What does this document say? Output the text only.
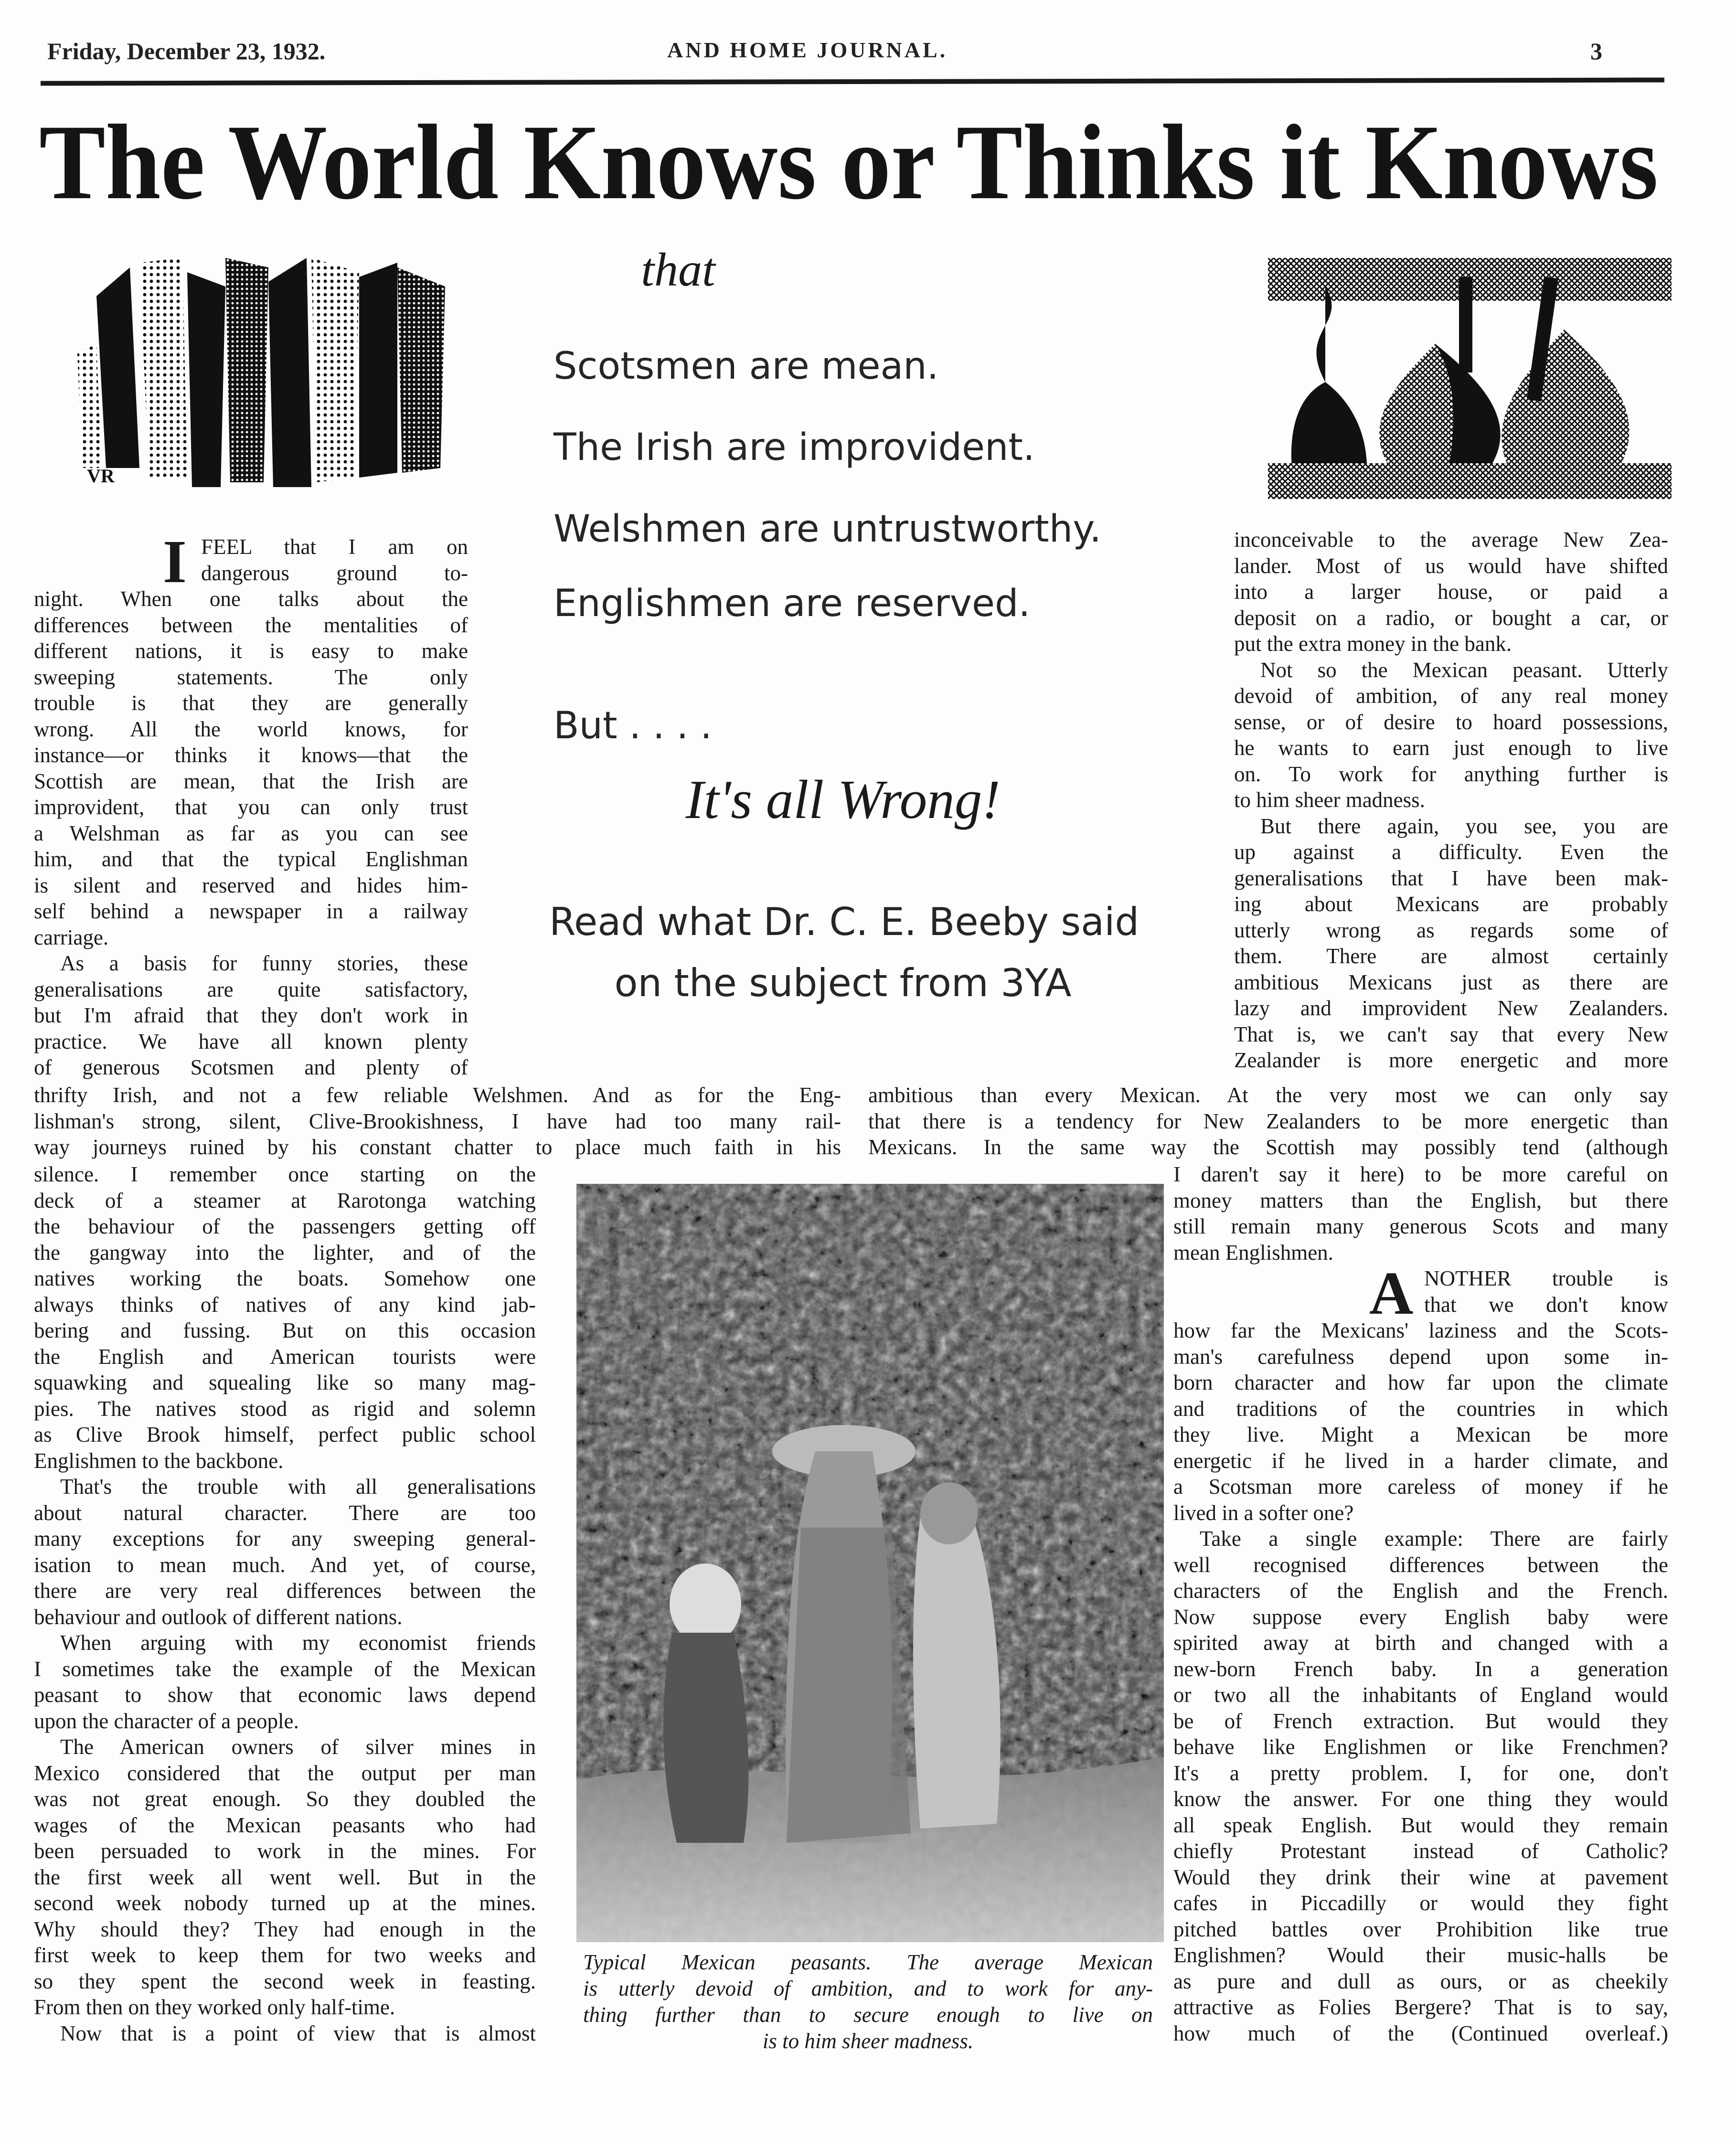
Friday, December 23, 1932.	AND HOME JOURNAL.	3
The World Knows or Thinks it Knows
VR
that
Scotsmen are mean.
The Irish are improvident.
Welshmen are untrustworthy.
Englishmen are reserved.
But . . . .
It's all Wrong!
Read what Dr. C. E. Beeby said
on the subject from 3YA
FEEL that I am on
dangerous ground to-
night. When one talks about the
differences between the mentalities of
different nations, it is easy to make
sweeping statements. The only
trouble is that they are generally
wrong. All the world knows, for
instance—or thinks it knows—that the
Scottish are mean, that the Irish are
improvident, that you can only trust
a Welshman as far as you can see
him, and that the typical Englishman
is silent and reserved and hides him-
self behind a newspaper in a railway
carriage.
I
As a basis for funny stories, these
generalisations are quite satisfactory,
but I'm afraid that they don't work in
practice. We have all known plenty
of generous Scotsmen and plenty of
thrifty Irish, and not a few reliable Welshmen. And as for the Eng-
lishman's strong, silent, Clive-Brookishness, I have had too many rail-
way journeys ruined by his constant chatter to place much faith in his
silence. I remember once starting on the
deck of a steamer at Rarotonga watching
the behaviour of the passengers getting off
the gangway into the lighter, and of the
natives working the boats. Somehow one
always thinks of natives of any kind jab-
bering and fussing. But on this occasion
the English and American tourists were
squawking and squealing like so many mag-
pies. The natives stood as rigid and solemn
as Clive Brook himself, perfect public school
Englishmen to the backbone.
That's the trouble with all generalisations
about natural character. There are too
many exceptions for any sweeping general-
isation to mean much. And yet, of course,
there are very real differences between the
behaviour and outlook of different nations.
When arguing with my economist friends
I sometimes take the example of the Mexican
peasant to show that economic laws depend
upon the character of a people.
The American owners of silver mines in
Mexico considered that the output per man
was not great enough. So they doubled the
wages of the Mexican peasants who had
been persuaded to work in the mines. For
the first week all went well. But in the
second week nobody turned up at the mines.
Why should they? They had enough in the
first week to keep them for two weeks and
so they spent the second week in feasting.
From then on they worked only half-time.
Now that is a point of view that is almost
inconceivable to the average New Zea-
lander. Most of us would have shifted
into a larger house, or paid a
deposit on a radio, or bought a car, or
put the extra money in the bank.
Not so the Mexican peasant. Utterly
devoid of ambition, of any real money
sense, or of desire to hoard possessions,
he wants to earn just enough to live
on. To work for anything further is
to him sheer madness.
But there again, you see, you are
up against a difficulty. Even the
generalisations that I have been mak-
ing about Mexicans are probably
utterly wrong as regards some of
them. There are almost certainly
ambitious Mexicans just as there are
lazy and improvident New Zealanders.
That is, we can't say that every New
Zealander is more energetic and more
ambitious than every Mexican. At the very most we can only say
that there is a tendency for New Zealanders to be more energetic than
Mexicans. In the same way the Scottish may possibly tend (although
I daren't say it here) to be more careful on
money matters than the English, but there
still remain many generous Scots and many
mean Englishmen.
NOTHER trouble is
that we don't know
how far the Mexicans' laziness and the Scots-
man's carefulness depend upon some in-
born character and how far upon the climate
and traditions of the countries in which
they live. Might a Mexican be more
energetic if he lived in a harder climate, and
a Scotsman more careless of money if he
lived in a softer one?
A
Take a single example: There are fairly
well recognised differences between the
characters of the English and the French.
Now suppose every English baby were
spirited away at birth and changed with a
new-born French baby. In a generation
or two all the inhabitants of England would
be of French extraction. But would they
behave like Englishmen or like Frenchmen?
It's a pretty problem. I, for one, don't
know the answer. For one thing they would
all speak English. But would they remain
chiefly Protestant instead of Catholic?
Would they drink their wine at pavement
cafes in Piccadilly or would they fight
pitched battles over Prohibition like true
Englishmen? Would their music-halls be
as pure and dull as ours, or as cheekily
attractive as Folies Bergere? That is to say,
how much of the (Continued overleaf.)
Typical Mexican peasants. The average Mexican
is utterly devoid of ambition, and to work for any-
thing further than to secure enough to live on
is to him sheer madness.
